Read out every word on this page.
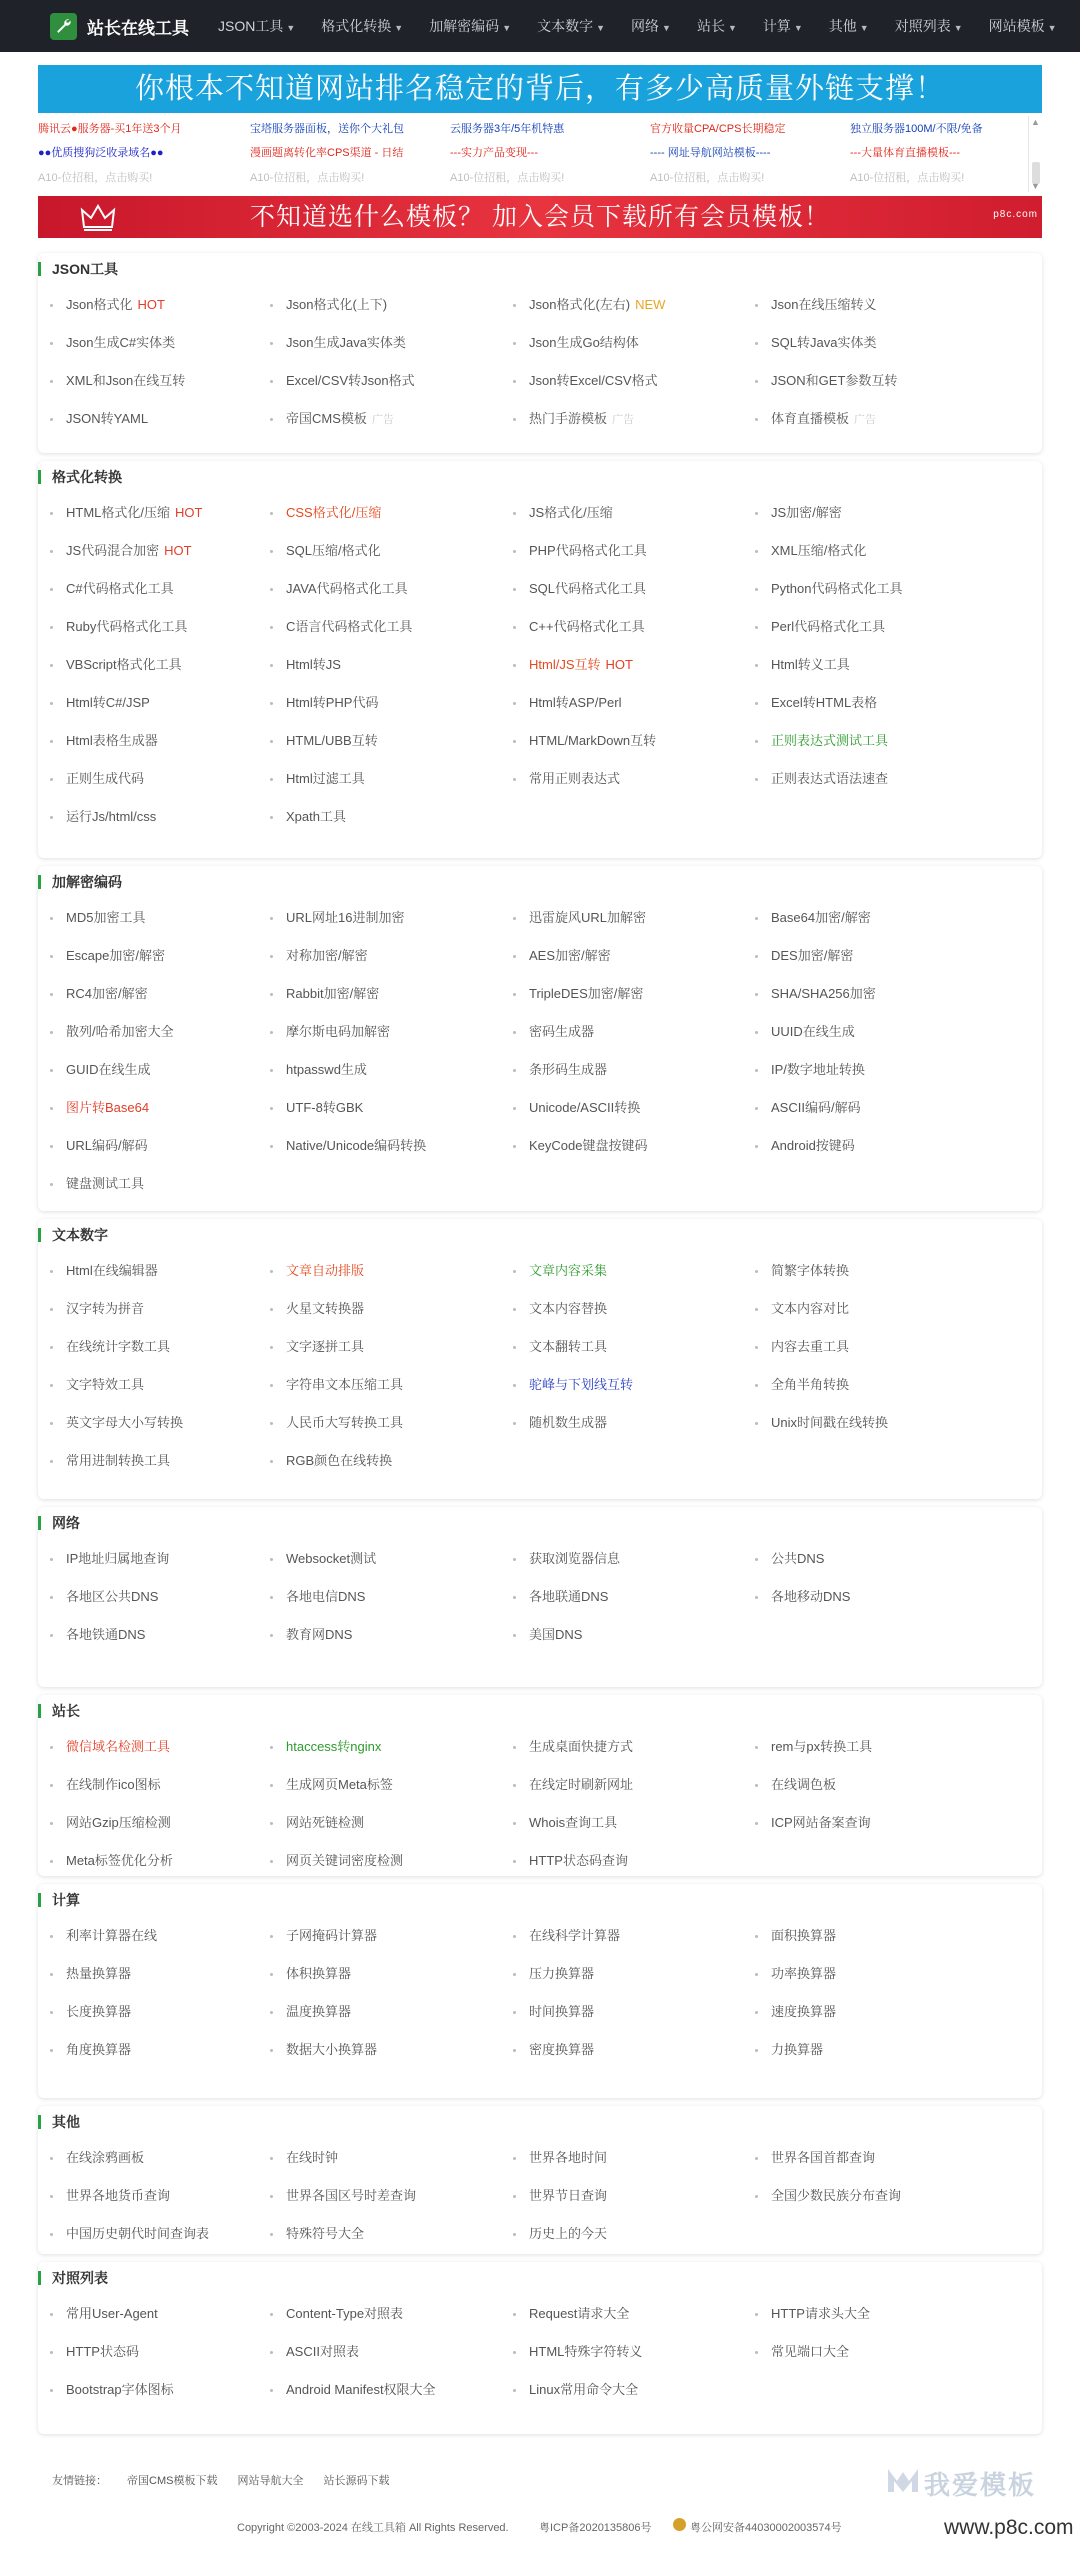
站长在线工具	JSON工具 ▼	格式化转换 ▼	加解密编码 ▼	文本数字 ▼	网络 ▼	站长 ▼	计算 ▼	其他 ▼	对照列表 ▼	网站模板 ▼
你根本不知道网站排名稳定的背后，有多少高质量外链支撑！
▲
▼
腾讯云●服务器-买1年送3个月	宝塔服务器面板，送你个大礼包	云服务器3年/5年机特惠	官方收量CPA/CPS长期稳定	独立服务器100M/不限/免备
●●优质搜狗泛收录域名●●	漫画题离转化率CPS渠道 - 日结	---实力产品变现---	---- 网址导航网站模板----	---大量体育直播模板---
A10-位招租，点击购买!	A10-位招租，点击购买!	A10-位招租，点击购买!	A10-位招租，点击购买!	A10-位招租，点击购买!
不知道选什么模板？ 加入会员下载所有会员模板！	p8c.com
JSON工具
Json格式化 HOT	Json格式化(上下)	Json格式化(左右) NEW	Json在线压缩转义
Json生成C#实体类	Json生成Java实体类	Json生成Go结构体	SQL转Java实体类
XML和Json在线互转	Excel/CSV转Json格式	Json转Excel/CSV格式	JSON和GET参数互转
JSON转YAML	帝国CMS模板 广告	热门手游模板 广告	体育直播模板 广告
格式化转换
HTML格式化/压缩 HOT	CSS格式化/压缩	JS格式化/压缩	JS加密/解密
JS代码混合加密 HOT	SQL压缩/格式化	PHP代码格式化工具	XML压缩/格式化
C#代码格式化工具	JAVA代码格式化工具	SQL代码格式化工具	Python代码格式化工具
Ruby代码格式化工具	C语言代码格式化工具	C++代码格式化工具	Perl代码格式化工具
VBScript格式化工具	Html转JS	Html/JS互转 HOT	Html转义工具
Html转C#/JSP	Html转PHP代码	Html转ASP/Perl	Excel转HTML表格
Html表格生成器	HTML/UBB互转	HTML/MarkDown互转	正则表达式测试工具
正则生成代码	Html过滤工具	常用正则表达式	正则表达式语法速查
运行Js/html/css	Xpath工具
加解密编码
MD5加密工具	URL网址16进制加密	迅雷旋风URL加解密	Base64加密/解密
Escape加密/解密	对称加密/解密	AES加密/解密	DES加密/解密
RC4加密/解密	Rabbit加密/解密	TripleDES加密/解密	SHA/SHA256加密
散列/哈希加密大全	摩尔斯电码加解密	密码生成器	UUID在线生成
GUID在线生成	htpasswd生成	条形码生成器	IP/数字地址转换
图片转Base64	UTF-8转GBK	Unicode/ASCII转换	ASCII编码/解码
URL编码/解码	Native/Unicode编码转换	KeyCode键盘按键码	Android按键码
键盘测试工具
文本数字
Html在线编辑器	文章自动排版	文章内容采集	简繁字体转换
汉字转为拼音	火星文转换器	文本内容替换	文本内容对比
在线统计字数工具	文字逐拼工具	文本翻转工具	内容去重工具
文字特效工具	字符串文本压缩工具	驼峰与下划线互转	全角半角转换
英文字母大小写转换	人民币大写转换工具	随机数生成器	Unix时间戳在线转换
常用进制转换工具	RGB颜色在线转换
网络
IP地址归属地查询	Websocket测试	获取浏览器信息	公共DNS
各地区公共DNS	各地电信DNS	各地联通DNS	各地移动DNS
各地铁通DNS	教育网DNS	美国DNS
站长
微信域名检测工具	htaccess转nginx	生成桌面快捷方式	rem与px转换工具
在线制作ico图标	生成网页Meta标签	在线定时刷新网址	在线调色板
网站Gzip压缩检测	网站死链检测	Whois查询工具	ICP网站备案查询
Meta标签优化分析	网页关键词密度检测	HTTP状态码查询
计算
利率计算器在线	子网掩码计算器	在线科学计算器	面积换算器
热量换算器	体积换算器	压力换算器	功率换算器
长度换算器	温度换算器	时间换算器	速度换算器
角度换算器	数据大小换算器	密度换算器	力换算器
其他
在线涂鸦画板	在线时钟	世界各地时间	世界各国首都查询
世界各地货币查询	世界各国区号时差查询	世界节日查询	全国少数民族分布查询
中国历史朝代时间查询表	特殊符号大全	历史上的今天
对照列表
常用User-Agent	Content-Type对照表	Request请求大全	HTTP请求头大全
HTTP状态码	ASCII对照表	HTML特殊字符转义	常见端口大全
Bootstrap字体图标	Android Manifest权限大全	Linux常用命令大全
友情链接： 帝国CMS模板下载 网站导航大全 站长源码下载	我爱模板
Copyright ©2003-2024 在线工具箱 All Rights Reserved.	粤ICP备2020135806号	粤公网安备44030002003574号	www.p8c.com
